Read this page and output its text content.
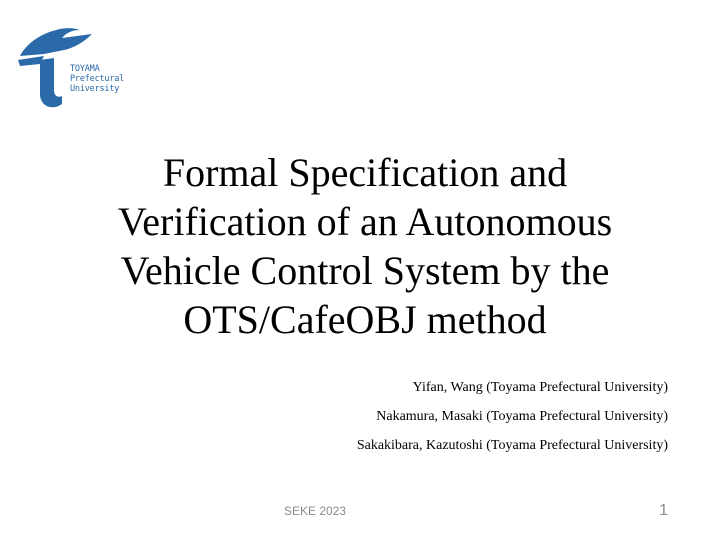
TOYAMA
Prefectural
University
Formal Specification and
Verification of an Autonomous
Vehicle Control System by the
OTS/CafeOBJ method
Yifan, Wang (Toyama Prefectural University)
Nakamura, Masaki (Toyama Prefectural University)
Sakakibara, Kazutoshi (Toyama Prefectural University)
SEKE 2023	1
